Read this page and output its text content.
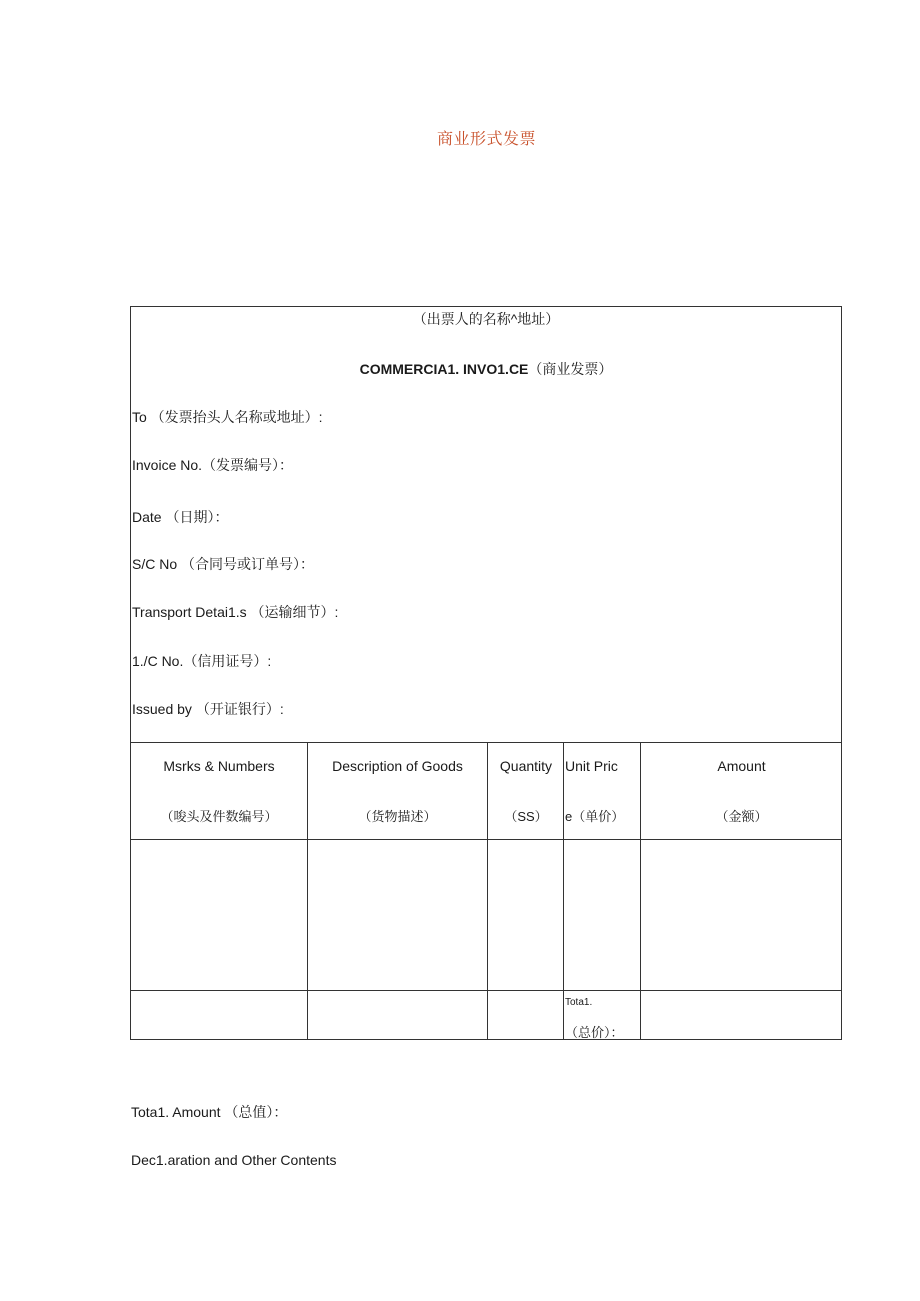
商业形式发票
（出票人的名称^地址）
COMMERCIA1. INVO1.CE（商业发票）
To （发票抬头人名称或地址）:
Invoice No.（发票编号）：
Date （日期）：
S/C No （合同号或订单号）：
Transport Detai1.s （运输细节）:
1./C No.（信用证号）:
Issued by （开证银行）:
Msrks & Numbers
（唆头及件数编号）
Description of Goods
（货物描述）
Quantity
（SS）
Unit Pric
e（单价）
Amount
（金额）
Tota1.
（总价）：
Tota1. Amount （总值）：
Dec1.aration and Other Contents
